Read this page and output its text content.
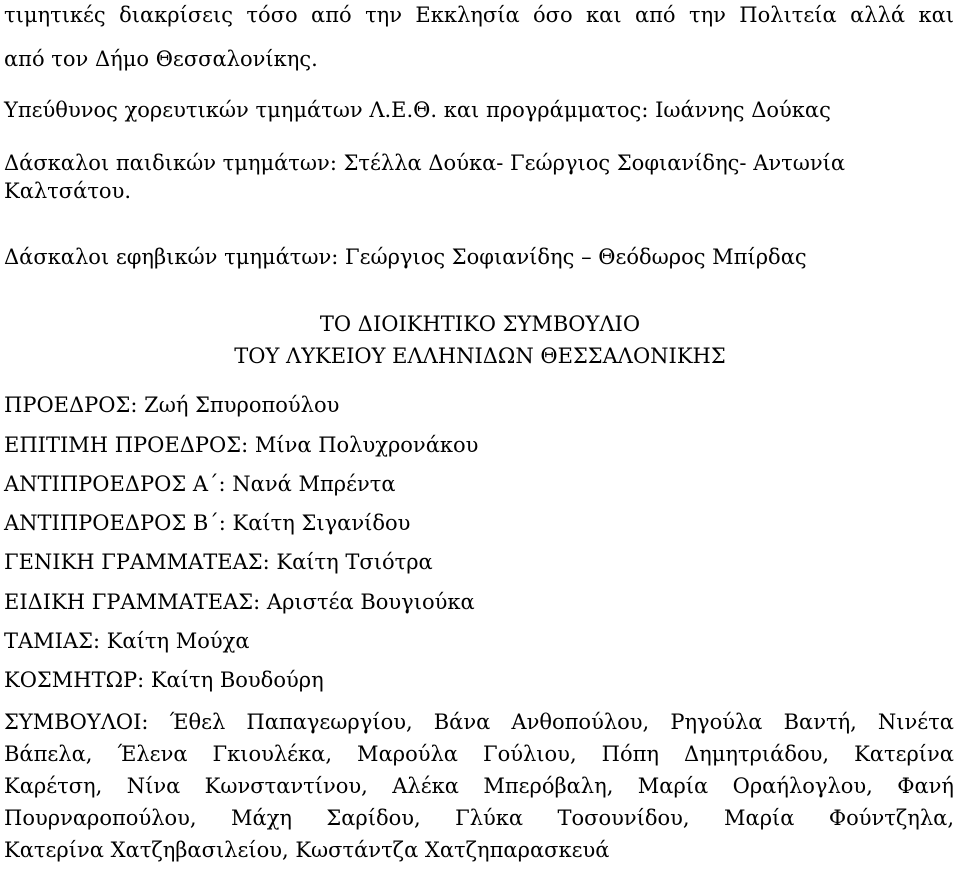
τιμητικές διακρίσεις τόσο από την Εκκλησία όσο και από την Πολιτεία αλλά και
από τον Δήμο Θεσσαλονίκης.
Υπεύθυνος χορευτικών τμημάτων Λ.Ε.Θ. και προγράμματος: Ιωάννης Δούκας
Δάσκαλοι παιδικών τμημάτων: Στέλλα Δούκα- Γεώργιος Σοφιανίδης- Αντωνία
Καλτσάτου.
Δάσκαλοι εφηβικών τμημάτων: Γεώργιος Σοφιανίδης – Θεόδωρος Μπίρδας
ΤΟ ΔΙΟΙΚΗΤΙΚΟ ΣΥΜΒΟΥΛΙΟ
ΤΟΥ ΛΥΚΕΙΟΥ ΕΛΛΗΝΙΔΩΝ ΘΕΣΣΑΛΟΝΙΚΗΣ
ΠΡΟΕΔΡΟΣ: Ζωή Σπυροπούλου
ΕΠΙΤΙΜΗ ΠΡΟΕΔΡΟΣ: Μίνα Πολυχρονάκου
ΑΝΤΙΠΡΟΕΔΡΟΣ Α΄: Νανά Μπρέντα
ΑΝΤΙΠΡΟΕΔΡΟΣ Β΄: Καίτη Σιγανίδου
ΓΕΝΙΚΗ ΓΡΑΜΜΑΤΕΑΣ: Καίτη Τσιότρα
ΕΙΔΙΚΗ ΓΡΑΜΜΑΤΕΑΣ: Αριστέα Βουγιούκα
ΤΑΜΙΑΣ: Καίτη Μούχα
ΚΟΣΜΗΤΩΡ: Καίτη Βουδούρη
ΣΥΜΒΟΥΛΟΙ: Έθελ Παπαγεωργίου, Βάνα Ανθοπούλου, Ρηγούλα Βαντή, Νινέτα
Βάπελα, Έλενα Γκιουλέκα, Μαρούλα Γούλιου, Πόπη Δημητριάδου, Κατερίνα
Καρέτση, Νίνα Κωνσταντίνου, Αλέκα Μπερόβαλη, Μαρία Οραήλογλου, Φανή
Πουρναροπούλου, Μάχη Σαρίδου, Γλύκα Τοσουνίδου, Μαρία Φούντζηλα,
Κατερίνα Χατζηβασιλείου, Κωστάντζα Χατζηπαρασκευά
